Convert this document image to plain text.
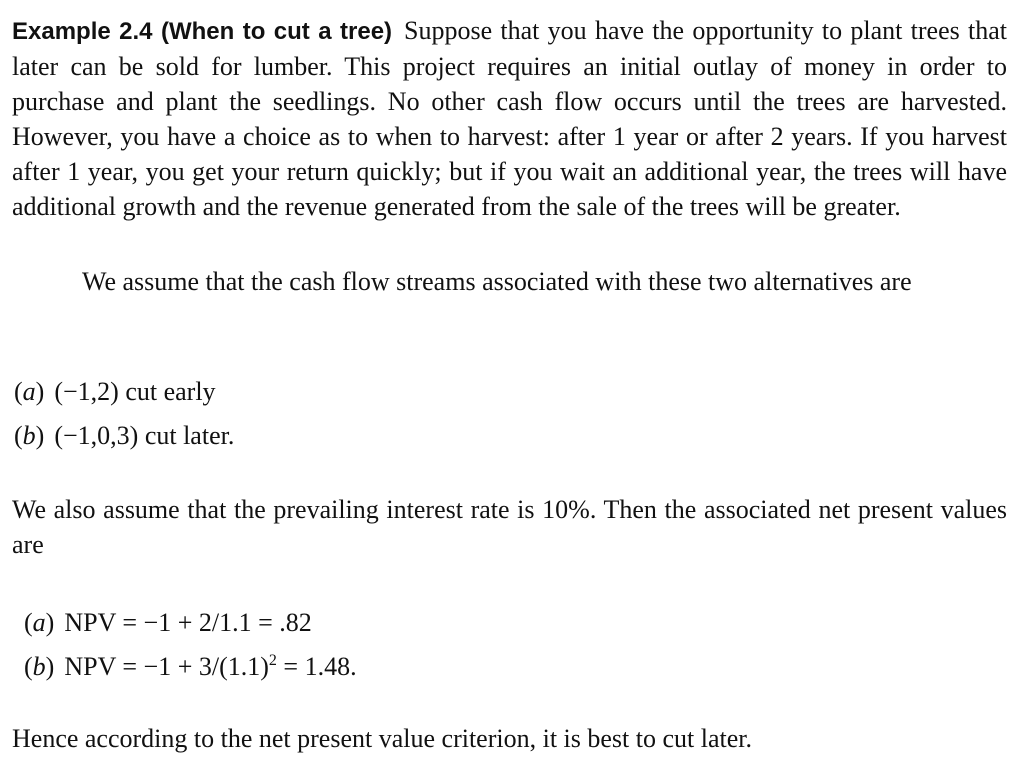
Example 2.4 (When to cut a tree) Suppose that you have the opportunity to plant trees that later can be sold for lumber. This project requires an initial outlay of money in order to purchase and plant the seedlings. No other cash flow occurs until the trees are harvested. However, you have a choice as to when to harvest: after 1 year or after 2 years. If you harvest after 1 year, you get your return quickly; but if you wait an additional year, the trees will have additional growth and the revenue generated from the sale of the trees will be greater.

We assume that the cash flow streams associated with these two alternatives are

(a) (−1,2) cut early
(b) (−1,0,3) cut later.

We also assume that the prevailing interest rate is 10%. Then the associated net present values are

(a) NPV = −1 + 2/1.1 = .82
(b) NPV = $-1 + 3/(1.1)^2 = 1.48$.

Hence according to the net present value criterion, it is best to cut later.
